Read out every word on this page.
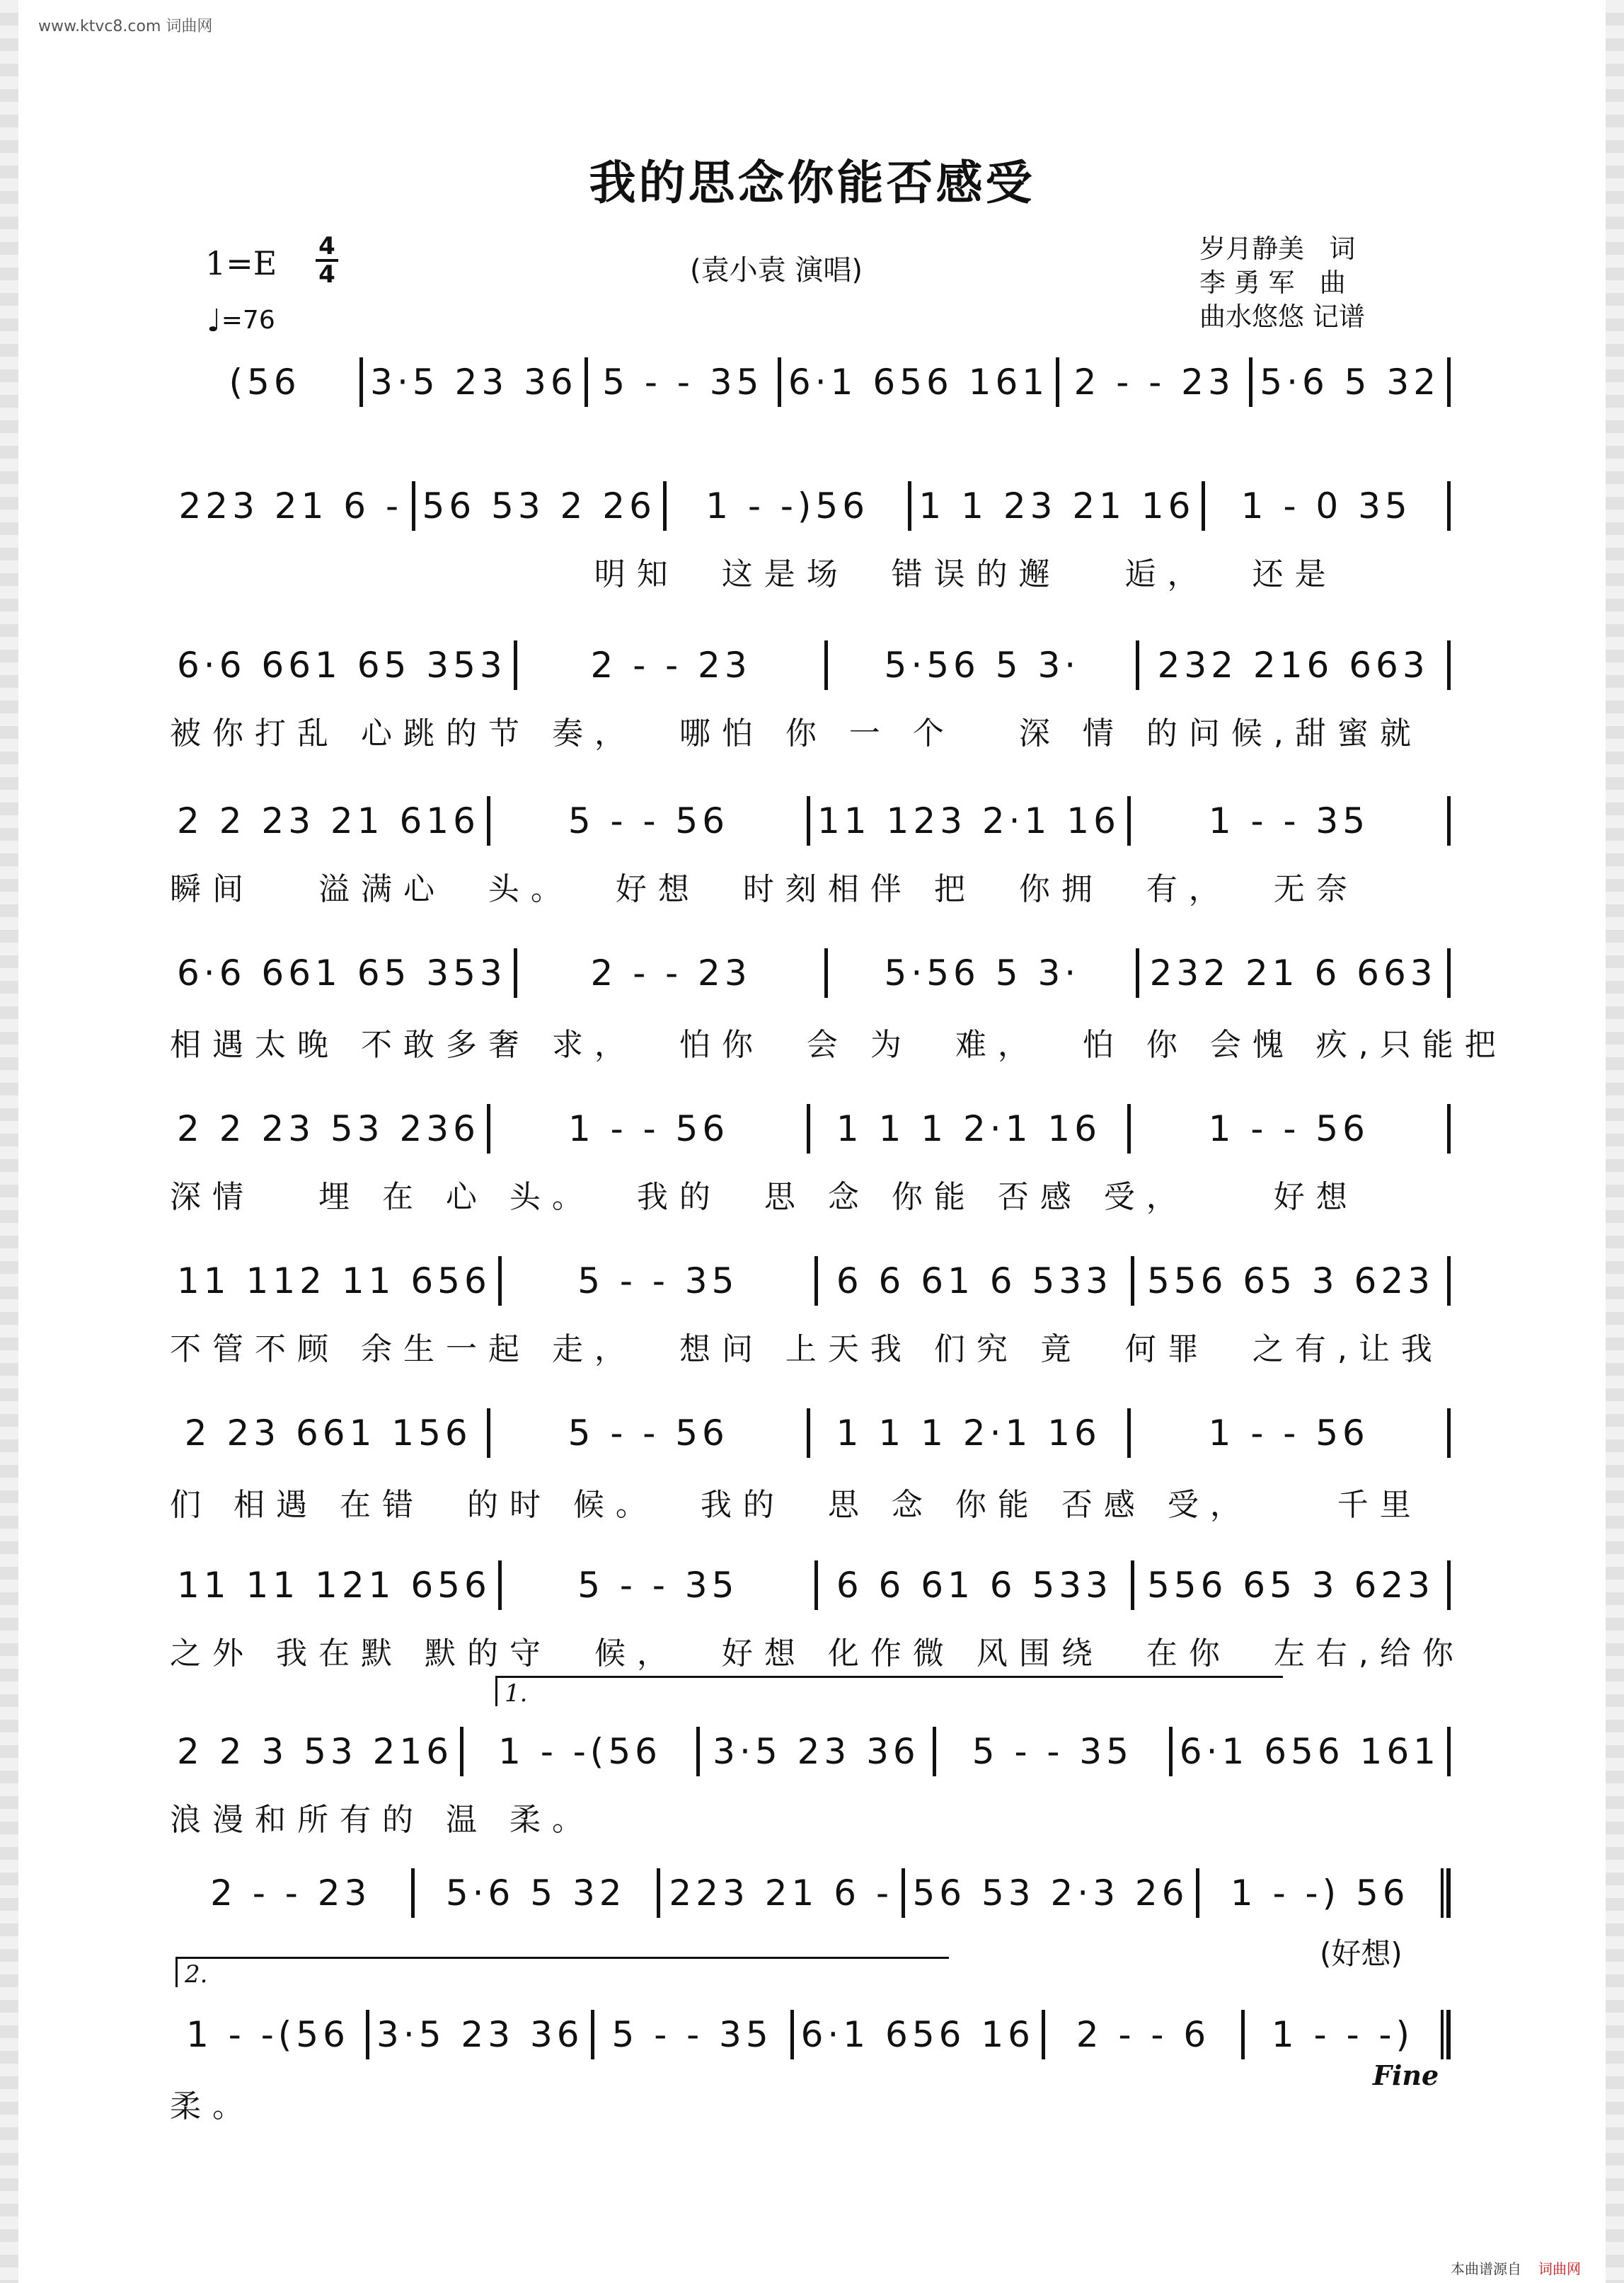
www.ktvc8.com 词曲网
我的思念你能否感受
1=E 4
4
♩=76
(袁小袁 演唱)
岁月静美   词
李 勇 军   曲
曲水悠悠 记谱
(56	3·5 23 36 5 - - 35 6·1 656 161 2 - - 23 5·6 5 32
223 21 6 - 56 53 2 26	1 - -)56	1 1 23 21 16	1 - 0 35
明知  这是场  错误的邂   逅，  还是
6·6 661 65 353	2 - - 23	5·56 5 3·	232 216 663
被你打乱 心跳的节 奏，  哪怕 你 一 个   深 情 的问候,甜蜜就
2 2 23 21 616	5 - - 56	11 123 2·1 16	1 - - 35
瞬间   溢满心  头。  好想  时刻相伴 把  你拥  有，  无奈
6·6 661 65 353	2 - - 23	5·56 5 3·	232 21 6 663
相遇太晚 不敢多奢 求，  怕你  会 为  难，  怕 你 会愧 疚,只能把
2 2 23 53 236	1 - - 56	1 1 1 2·1 16	1 - - 56
深情   埋 在 心 头。  我的  思 念 你能 否感 受，    好想
11 112 11 656	5 - - 35	6 6 61 6 533 556 65 3 623
不管不顾 余生一起 走，  想问 上天我 们究 竟  何罪  之有,让我
2 23 661 156	5 - - 56	1 1 1 2·1 16	1 - - 56
们 相遇 在错  的时 候。  我的  思 念 你能 否感 受，    千里
11 11 121 656	5 - - 35	6 6 61 6 533 556 65 3 623
之外 我在默 默的守  候，  好想 化作微 风围绕  在你  左右,给你
2 2 3 53 216	1 - -(56	3·5 23 36	5 - - 35	6·1 656 161
浪漫和所有的 温 柔。
2 - - 23	5·6 5 32	223 21 6 - 56 53 2·3 26	1 - -) 56
1 - -(56 3·5 23 36 5 - - 35 6·1 656 16	2 - - 6	1 - - -)
柔。
1.
2.
(好想)
Fine
本曲谱源自 词曲网
